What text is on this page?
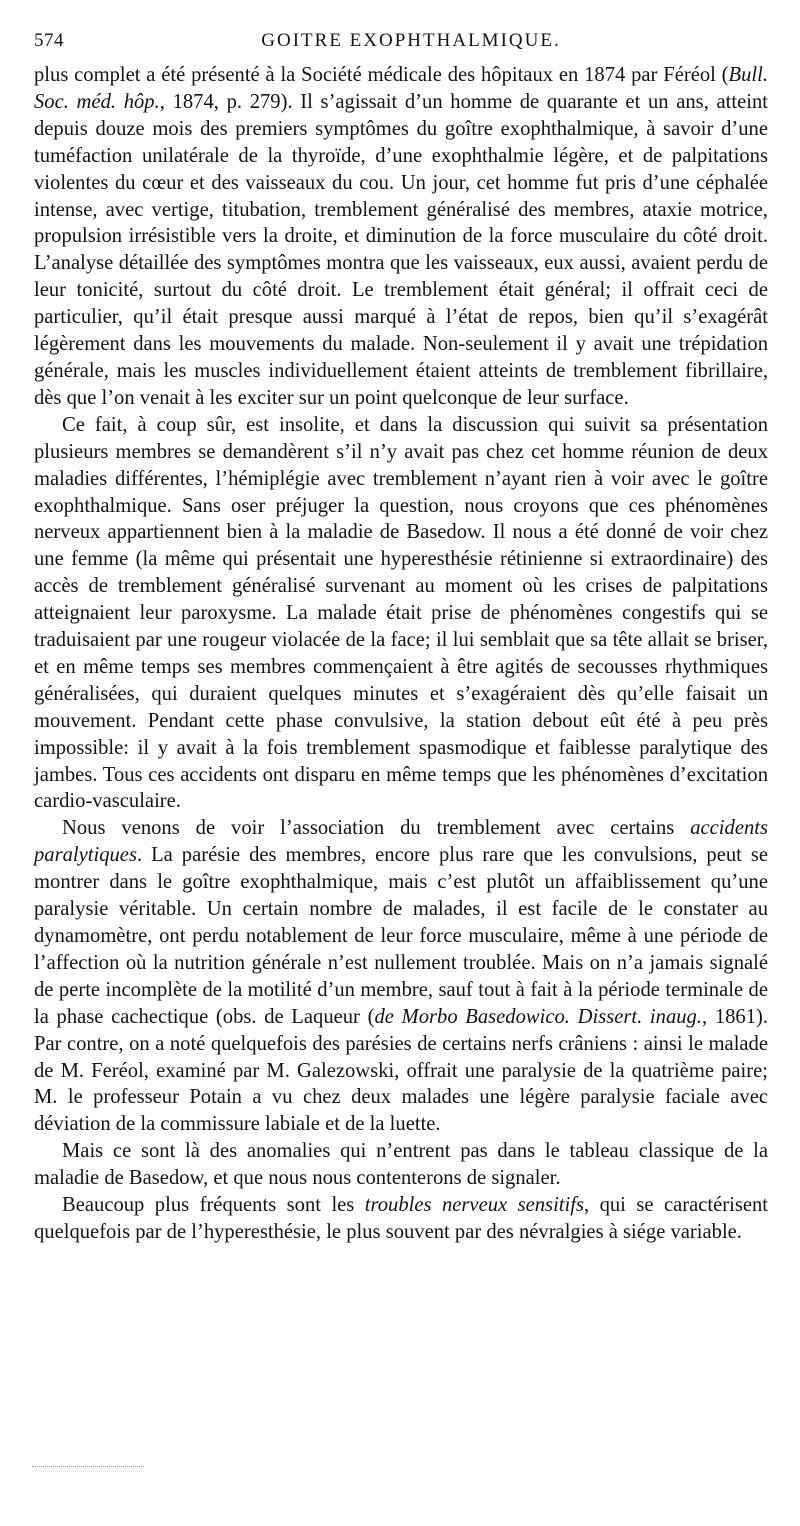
574	GOITRE EXOPHTHALMIQUE.

plus complet a été présenté à la Société médicale des hôpitaux en 1874 par Féréol (Bull. Soc. méd. hôp., 1874, p. 279). Il s’agissait d’un homme de quarante et un ans, atteint depuis douze mois des premiers symptômes du goître exophthalmique, à savoir d’une tuméfaction unilatérale de la thyroïde, d’une exophthalmie légère, et de palpitations violentes du cœur et des vaisseaux du cou. Un jour, cet homme fut pris d’une céphalée intense, avec vertige, titubation, tremblement généralisé des membres, ataxie motrice, propulsion irrésistible vers la droite, et diminution de la force musculaire du côté droit. L’analyse détaillée des symptômes montra que les vaisseaux, eux aussi, avaient perdu de leur tonicité, surtout du côté droit. Le tremblement était général; il offrait ceci de particulier, qu’il était presque aussi marqué à l’état de repos, bien qu’il s’exagérât légèrement dans les mouvements du malade. Non-seulement il y avait une trépidation générale, mais les muscles individuellement étaient atteints de tremblement fibrillaire, dès que l’on venait à les exciter sur un point quelconque de leur surface.

Ce fait, à coup sûr, est insolite, et dans la discussion qui suivit sa présentation plusieurs membres se demandèrent s’il n’y avait pas chez cet homme réunion de deux maladies différentes, l’hémiplégie avec tremblement n’ayant rien à voir avec le goître exophthalmique. Sans oser préjuger la question, nous croyons que ces phénomènes nerveux appartiennent bien à la maladie de Basedow. Il nous a été donné de voir chez une femme (la même qui présentait une hyperesthésie rétinienne si extraordinaire) des accès de tremblement généralisé survenant au moment où les crises de palpitations atteignaient leur paroxysme. La malade était prise de phénomènes congestifs qui se traduisaient par une rougeur violacée de la face; il lui semblait que sa tête allait se briser, et en même temps ses membres commençaient à être agités de secousses rhythmiques généralisées, qui duraient quelques minutes et s’exagéraient dès qu’elle faisait un mouvement. Pendant cette phase convulsive, la station debout eût été à peu près impossible: il y avait à la fois tremblement spasmodique et faiblesse paralytique des jambes. Tous ces accidents ont disparu en même temps que les phénomènes d’excitation cardio-vasculaire.

Nous venons de voir l’association du tremblement avec certains accidents paralytiques. La parésie des membres, encore plus rare que les convulsions, peut se montrer dans le goître exophthalmique, mais c’est plutôt un affaiblissement qu’une paralysie véritable. Un certain nombre de malades, il est facile de le constater au dynamomètre, ont perdu notablement de leur force musculaire, même à une période de l’affection où la nutrition générale n’est nullement troublée. Mais on n’a jamais signalé de perte incomplète de la motilité d’un membre, sauf tout à fait à la période terminale de la phase cachectique (obs. de Laqueur (de Morbo Basedowico. Dissert. inaug., 1861). Par contre, on a noté quelquefois des parésies de certains nerfs crâniens : ainsi le malade de M. Feréol, examiné par M. Galezowski, offrait une paralysie de la quatrième paire; M. le professeur Potain a vu chez deux malades une légère paralysie faciale avec déviation de la commissure labiale et de la luette.

Mais ce sont là des anomalies qui n’entrent pas dans le tableau classique de la maladie de Basedow, et que nous nous contenterons de signaler.

Beaucoup plus fréquents sont les troubles nerveux sensitifs, qui se caractérisent quelquefois par de l’hyperesthésie, le plus souvent par des névralgies à siége variable.
